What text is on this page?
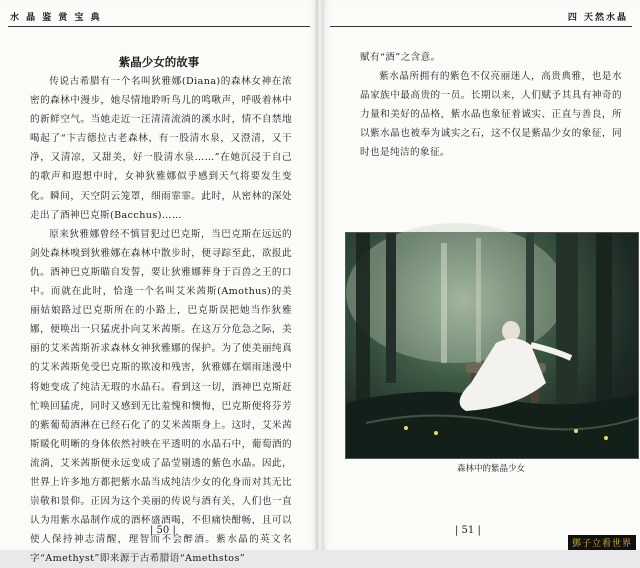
水 晶 鉴 赏 宝 典
紫晶少女的故事

传说古希腊有一个名叫狄雅娜(Diana)的森林女神在浓密的森林中漫步，她尽情地聆听鸟儿的鸣啾声，呼吸着林中的新鲜空气。当她走近一汪清清流淌的溪水时，情不自禁地喝起了“卞吉德拉古老森林，有一股清水泉，又澄清，又干净，又清凉，又甜美，好一股清水泉……”在她沉浸于自己的歌声和遐想中时，女神狄雅娜似乎感到天气将要发生变化。瞬间，天空阴云笼罩，细雨霏霏。此时，从密林的深处走出了酒神巴克斯(Bacchus)……

原来狄雅娜曾经不慎冒犯过巴克斯，当巴克斯在远远的剑处森林嗅到狄雅娜在森林中散步时，便寻踪至此，欲报此仇。酒神巴克斯瞄自发誓，要让狄雅娜葬身于百兽之王的口中。而就在此时，恰逢一个名叫艾米茜斯(Amothus)的美丽姑娘路过巴克斯所在的小路上，巴克斯误把她当作狄雅娜，便唤出一只猛虎扑向艾米茜斯。在这万分危急之际，美丽的艾米茜斯祈求森林女神狄雅娜的保护。为了使美丽纯真的艾米茜斯免受巴克斯的欺凌和残害，狄雅娜在烟雨迷漫中将她变成了纯洁无瑕的水晶石。看到这一切，酒神巴克斯赶忙唤回猛虎，同时又感到无比羞愧和懊悔，巴克斯便将芬芳的紫葡萄酒淋在已经石化了的艾米茜斯身上。这时，艾米茜斯暖化明晰的身体依然衬映在平透明的水晶石中，葡萄酒的流淌，艾米茜斯便永远变成了晶莹剔透的紫色水晶。因此，世界上许多地方都把紫水晶当成纯洁少女的化身而对其无比崇敬和景仰。正因为这个美丽的传说与酒有关，人们也一直认为用紫水晶制作成的酒杯盛酒喝，不但痛快酣畅，且可以使人保持神志清醒，理智而不会醉酒。紫水晶的英文名字“Amethyst”即来源于古希腊语“Amethstos”

| 50 |
四 天然水晶

赋有“酒”之含意。

紫水晶所拥有的紫色不仅亮丽迷人，高贵典雅，也是水晶家族中最高贵的一员。长期以来，人们赋予其具有神奇的力量和美好的品格，紫水晶也象征着诚实、正直与善良，所以紫水晶也被奉为诚实之石，这不仅是紫晶少女的象征，同时也是纯洁的象征。

森林中的紫晶少女
| 51 |
鄧子立看世界
